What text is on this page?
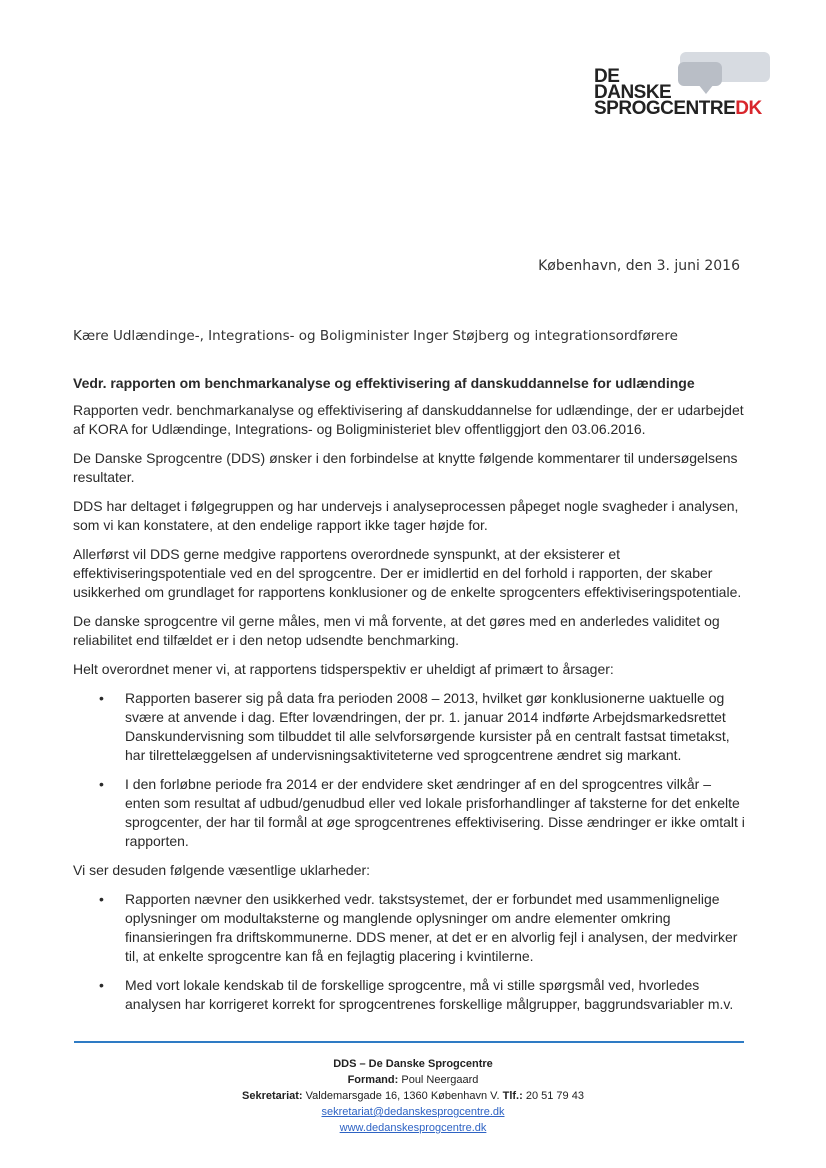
DE
DANSKE
SPROGCENTREDK
København, den 3. juni 2016
Kære Udlændinge-, Integrations- og Boligminister Inger Støjberg og integrationsordførere
Vedr. rapporten om benchmarkanalyse og effektivisering af danskuddannelse for udlændinge

Rapporten vedr. benchmarkanalyse og effektivisering af danskuddannelse for udlændinge, der er udarbejdet af KORA for Udlændinge, Integrations- og Boligministeriet blev offentliggjort den 03.06.2016.

De Danske Sprogcentre (DDS) ønsker i den forbindelse at knytte følgende kommentarer til undersøgelsens resultater.

DDS har deltaget i følgegruppen og har undervejs i analyseprocessen påpeget nogle svagheder i analysen, som vi kan konstatere, at den endelige rapport ikke tager højde for.

Allerførst vil DDS gerne medgive rapportens overordnede synspunkt, at der eksisterer et effektiviseringspotentiale ved en del sprogcentre. Der er imidlertid en del forhold i rapporten, der skaber usikkerhed om grundlaget for rapportens konklusioner og de enkelte sprogcenters effektiviseringspotentiale.

De danske sprogcentre vil gerne måles, men vi må forvente, at det gøres med en anderledes validitet og reliabilitet end tilfældet er i den netop udsendte benchmarking.

Helt overordnet mener vi, at rapportens tidsperspektiv er uheldigt af primært to årsager:

• Rapporten baserer sig på data fra perioden 2008 – 2013, hvilket gør konklusionerne uaktuelle og svære at anvende i dag. Efter lovændringen, der pr. 1. januar 2014 indførte Arbejdsmarkedsrettet Danskundervisning som tilbuddet til alle selvforsørgende kursister på en centralt fastsat timetakst, har tilrettelæggelsen af undervisningsaktiviteterne ved sprogcentrene ændret sig markant.
• I den forløbne periode fra 2014 er der endvidere sket ændringer af en del sprogcentres vilkår – enten som resultat af udbud/genudbud eller ved lokale prisforhandlinger af taksterne for det enkelte sprogcenter, der har til formål at øge sprogcentrenes effektivisering. Disse ændringer er ikke omtalt i rapporten.

Vi ser desuden følgende væsentlige uklarheder:

• Rapporten nævner den usikkerhed vedr. takstsystemet, der er forbundet med usammenlignelige oplysninger om modultaksterne og manglende oplysninger om andre elementer omkring finansieringen fra driftskommunerne. DDS mener, at det er en alvorlig fejl i analysen, der medvirker til, at enkelte sprogcentre kan få en fejlagtig placering i kvintilerne.
• Med vort lokale kendskab til de forskellige sprogcentre, må vi stille spørgsmål ved, hvorledes analysen har korrigeret korrekt for sprogcentrenes forskellige målgrupper, baggrundsvariabler m.v.
DDS – De Danske Sprogcentre
Formand: Poul Neergaard
Sekretariat: Valdemarsgade 16, 1360 København V. Tlf.: 20 51 79 43
sekretariat@dedanskesprogcentre.dk
www.dedanskesprogcentre.dk
